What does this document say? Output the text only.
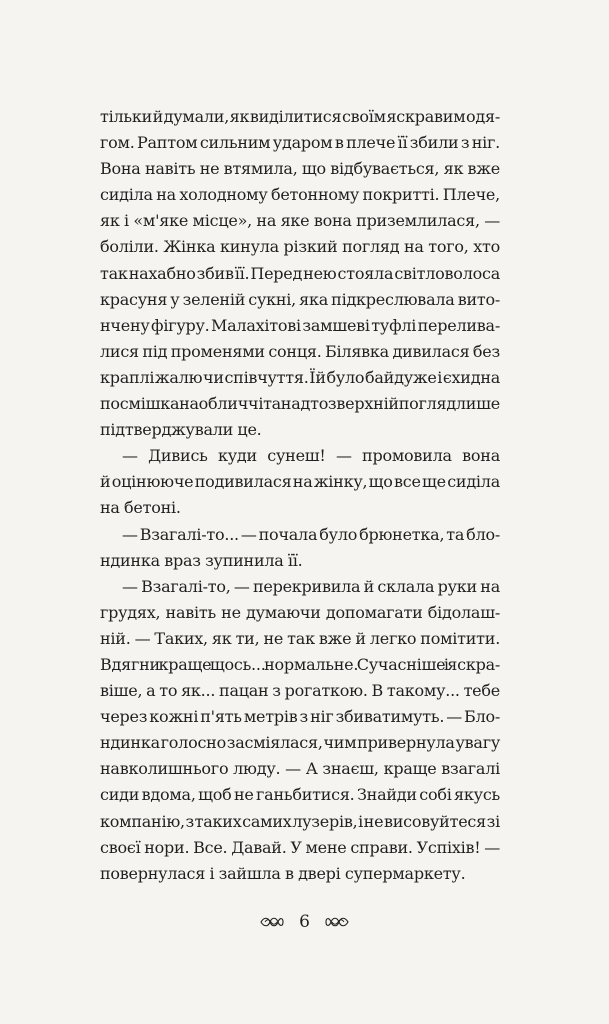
тільки й думали, як виділитися своїм яскравим одя-
гом. Раптом сильним ударом в плече її збили з ніг.
Вона навіть не втямила, що відбувається, як вже
сиділа на холодному бетонному покритті. Плече,
як і «м'яке місце», на яке вона приземлилася, —
боліли. Жінка кинула різкий погляд на того, хто
так нахабно збив її. Перед нею стояла світловолоса
красуня у зеленій сукні, яка підкреслювала вито-
нчену фігуру. Малахітові замшеві туфлі перелива-
лися під променями сонця. Білявка дивилася без
краплі жалю чи співчуття. Їй було байдуже і єхидна
посмішка на обличчі та надто зверхній погляд лише
підтверджували це.
— Дивись куди сунеш! — промовила вона
й оцінююче подивилася на жінку, що все ще сиділа
на бетоні.
— Взагалі-то... — почала було брюнетка, та бло-
ндинка враз зупинила її.
— Взагалі-то, — перекривила й склала руки на
грудях, навіть не думаючи допомагати бідолаш-
ній. — Таких, як ти, не так вже й легко помітити.
Вдягни краще щось... нормальне. Сучасніше і яскра-
віше, а то як... пацан з рогаткою. В такому... тебе
через кожні п'ять метрів з ніг збиватимуть. — Бло-
ндинка голосно засміялася, чим привернула увагу
навколишнього люду. — А знаєш, краще взагалі
сиди вдома, щоб не ганьбитися. Знайди собі якусь
компанію, з таких самих лузерів, і не висовуйтеся зі
своєї нори. Все. Давай. У мене справи. Успіхів! —
повернулася і зайшла в двері супермаркету.
6
